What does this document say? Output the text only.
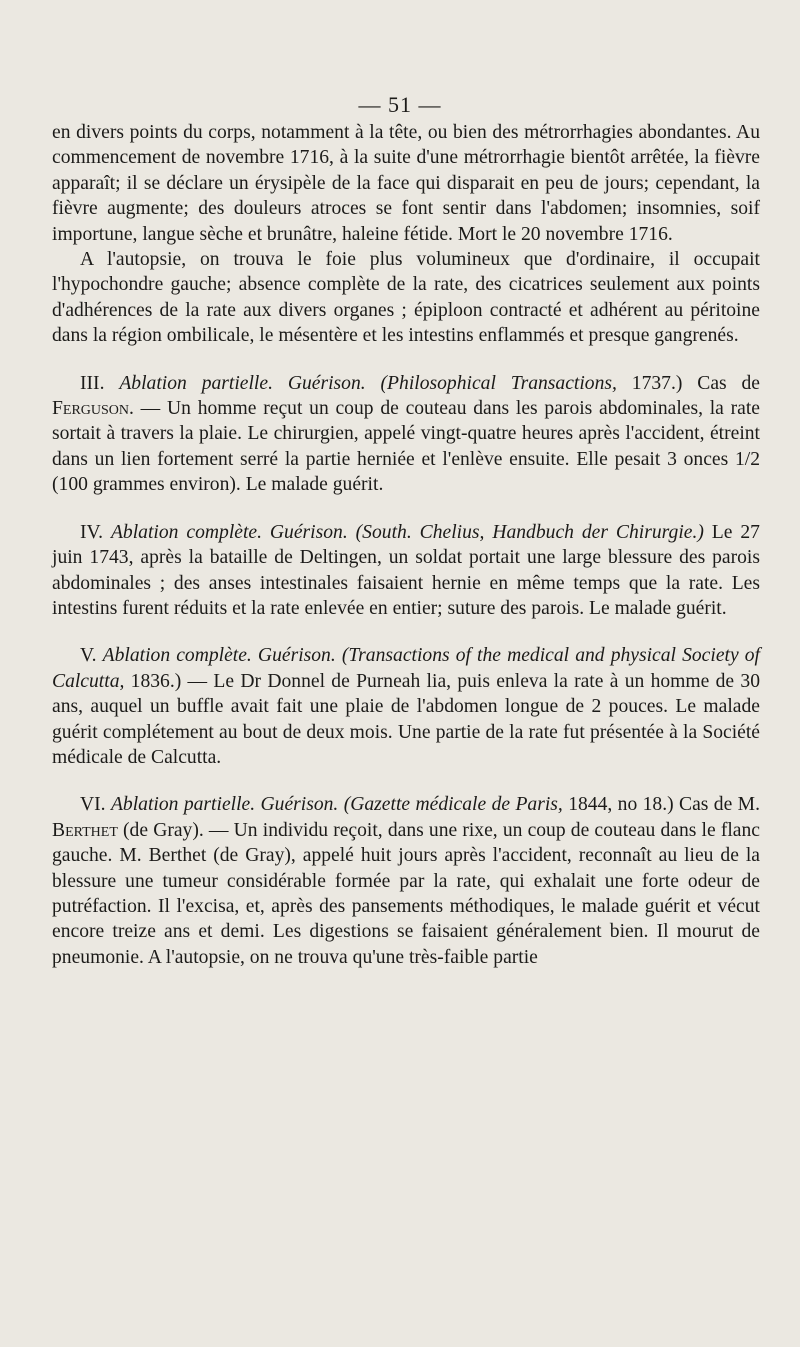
— 51 —

en divers points du corps, notamment à la tête, ou bien des métrorrhagies abondantes. Au commencement de novembre 1716, à la suite d'une métrorrhagie bientôt arrêtée, la fièvre apparaît; il se déclare un érysipèle de la face qui disparait en peu de jours; cependant, la fièvre augmente; des douleurs atroces se font sentir dans l'abdomen; insomnies, soif importune, langue sèche et brunâtre, haleine fétide. Mort le 20 novembre 1716.

A l'autopsie, on trouva le foie plus volumineux que d'ordinaire, il occupait l'hypochondre gauche; absence complète de la rate, des cicatrices seulement aux points d'adhérences de la rate aux divers organes ; épiploon contracté et adhérent au péritoine dans la région ombilicale, le mésentère et les intestins enflammés et presque gangrenés.

III. Ablation partielle. Guérison. (Philosophical Transactions, 1737.) Cas de Ferguson. — Un homme reçut un coup de couteau dans les parois abdominales, la rate sortait à travers la plaie. Le chirurgien, appelé vingt-quatre heures après l'accident, étreint dans un lien fortement serré la partie herniée et l'enlève ensuite. Elle pesait 3 onces 1/2 (100 grammes environ). Le malade guérit.

IV. Ablation complète. Guérison. (South. Chelius, Handbuch der Chirurgie.) Le 27 juin 1743, après la bataille de Deltingen, un soldat portait une large blessure des parois abdominales ; des anses intestinales faisaient hernie en même temps que la rate. Les intestins furent réduits et la rate enlevée en entier; suture des parois. Le malade guérit.

V. Ablation complète. Guérison. (Transactions of the medical and physical Society of Calcutta, 1836.) — Le Dr Donnel de Purneah lia, puis enleva la rate à un homme de 30 ans, auquel un buffle avait fait une plaie de l'abdomen longue de 2 pouces. Le malade guérit complétement au bout de deux mois. Une partie de la rate fut présentée à la Société médicale de Calcutta.

VI. Ablation partielle. Guérison. (Gazette médicale de Paris, 1844, no 18.) Cas de M. Berthet (de Gray). — Un individu reçoit, dans une rixe, un coup de couteau dans le flanc gauche. M. Berthet (de Gray), appelé huit jours après l'accident, reconnaît au lieu de la blessure une tumeur considérable formée par la rate, qui exhalait une forte odeur de putréfaction. Il l'excisa, et, après des pansements méthodiques, le malade guérit et vécut encore treize ans et demi. Les digestions se faisaient généralement bien. Il mourut de pneumonie. A l'autopsie, on ne trouva qu'une très-faible partie
